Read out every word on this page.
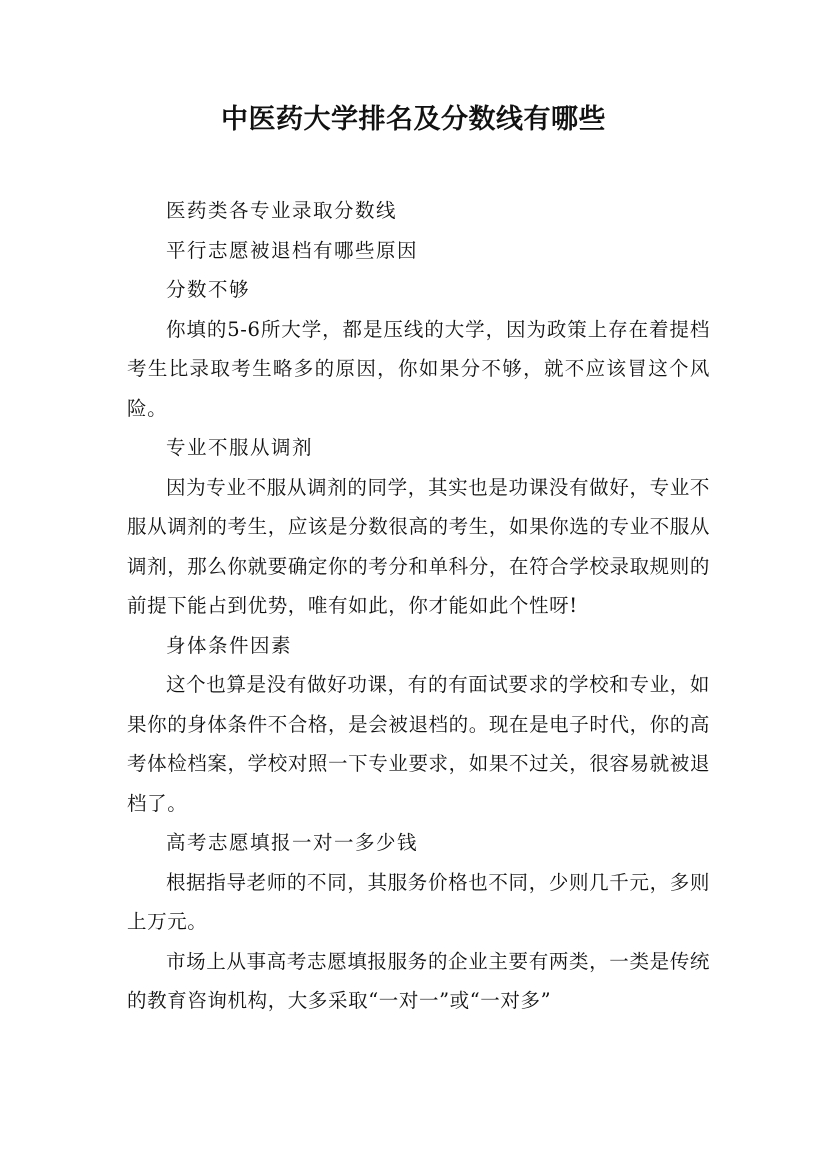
中医药大学排名及分数线有哪些

医药类各专业录取分数线

平行志愿被退档有哪些原因

分数不够

你填的5-6所大学，都是压线的大学，因为政策上存在着提档考生比录取考生略多的原因，你如果分不够，就不应该冒这个风险。

专业不服从调剂

因为专业不服从调剂的同学，其实也是功课没有做好，专业不服从调剂的考生，应该是分数很高的考生，如果你选的专业不服从调剂，那么你就要确定你的考分和单科分，在符合学校录取规则的前提下能占到优势，唯有如此，你才能如此个性呀!

身体条件因素

这个也算是没有做好功课，有的有面试要求的学校和专业，如果你的身体条件不合格，是会被退档的。现在是电子时代，你的高考体检档案，学校对照一下专业要求，如果不过关，很容易就被退档了。

高考志愿填报一对一多少钱

根据指导老师的不同，其服务价格也不同，少则几千元，多则上万元。

市场上从事高考志愿填报服务的企业主要有两类，一类是传统的教育咨询机构，大多采取“一对一”或“一对多”
